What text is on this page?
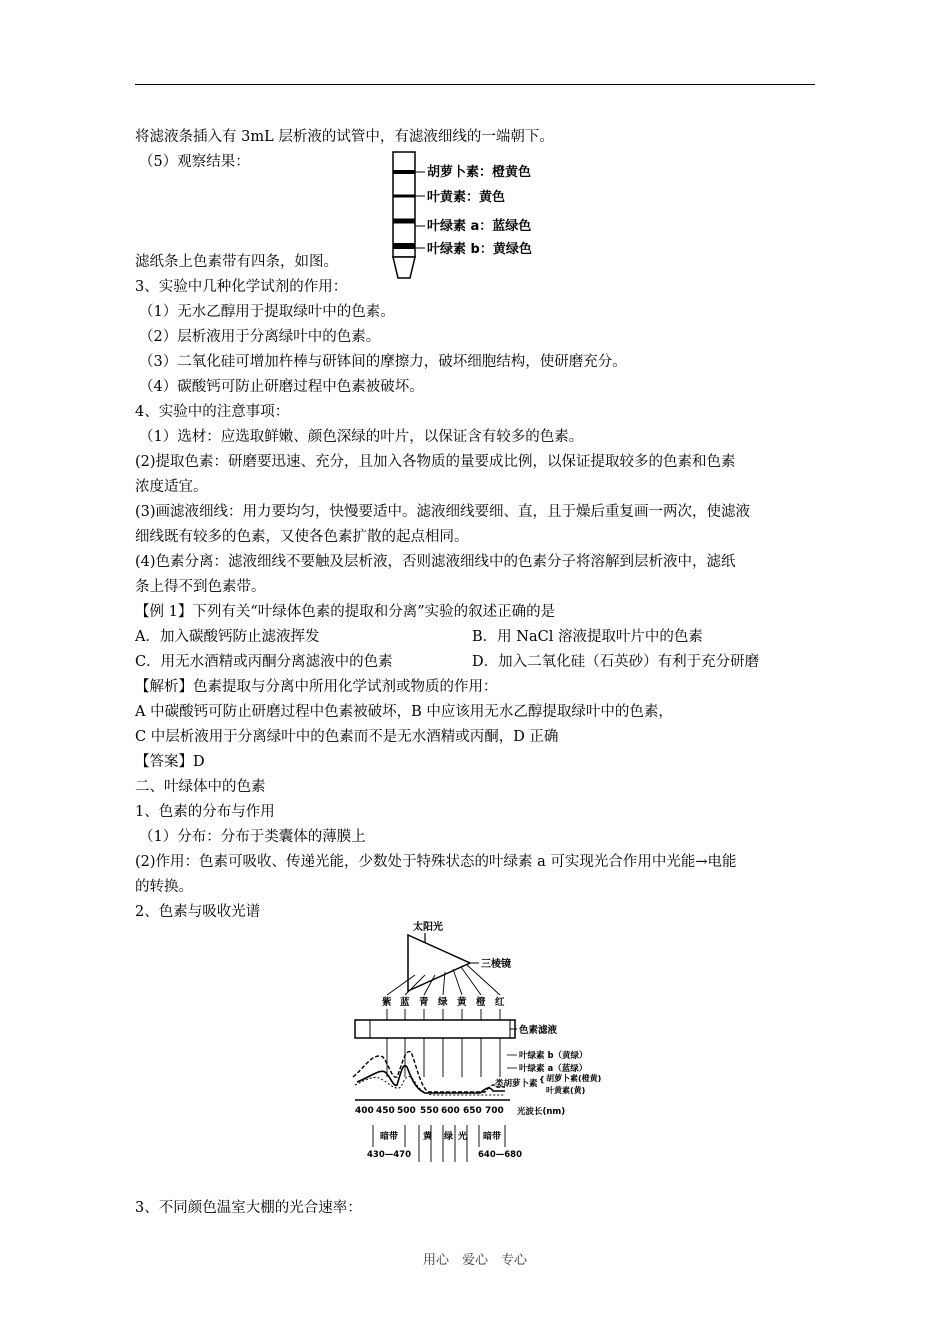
将滤液条插入有 3mL 层析液的试管中，有滤液细线的一端朝下。
（5）观察结果：
胡萝卜素：橙黄色
叶黄素：黄色
叶绿素 a：蓝绿色
叶绿素 b：黄绿色
滤纸条上色素带有四条，如图。
3、实验中几种化学试剂的作用：
（1）无水乙醇用于提取绿叶中的色素。
（2）层析液用于分离绿叶中的色素。
（3）二氧化硅可增加杵棒与研钵间的摩擦力，破坏细胞结构，使研磨充分。
（4）碳酸钙可防止研磨过程中色素被破坏。
4、实验中的注意事项：
（1）选材：应选取鲜嫩、颜色深绿的叶片，以保证含有较多的色素。
(2)提取色素：研磨要迅速、充分，且加入各物质的量要成比例，以保证提取较多的色素和色素
浓度适宜。
(3)画滤液细线：用力要均匀，快慢要适中。滤液细线要细、直，且于燥后重复画一两次，使滤液
细线既有较多的色素，又使各色素扩散的起点相同。
(4)色素分离：滤液细线不要触及层析液，否则滤液细线中的色素分子将溶解到层析液中，滤纸
条上得不到色素带。
【例 1】下列有关“叶绿体色素的提取和分离”实验的叙述正确的是
A．加入碳酸钙防止滤液挥发	B．用 NaCl 溶液提取叶片中的色素
C．用无水酒精或丙酮分离滤液中的色素	D．加入二氧化硅（石英砂）有利于充分研磨
【解析】色素提取与分离中所用化学试剂或物质的作用：
A 中碳酸钙可防止研磨过程中色素被破坏，B 中应该用无水乙醇提取绿叶中的色素，
C 中层析液用于分离绿叶中的色素而不是无水酒精或丙酮，D 正确
【答案】D
二、叶绿体中的色素
1、色素的分布与作用
（1）分布：分布于类囊体的薄膜上
(2)作用：色素可吸收、传递光能，少数处于特殊状态的叶绿素 a 可实现光合作用中光能→电能
的转换。
2、色素与吸收光谱
太阳光
三棱镜
紫 蓝 青 绿 黄 橙 红
色素滤液
叶绿素 b（黄绿）
叶绿素 a（蓝绿）
类胡萝卜素 { 胡萝卜素(橙黄)
叶黄素(黄)
400 450 500 550 600 650 700 光波长(nm)
暗带	黄 绿 光 暗带
430—470	640—680
3、不同颜色温室大棚的光合速率：
用心　爱心　专心
